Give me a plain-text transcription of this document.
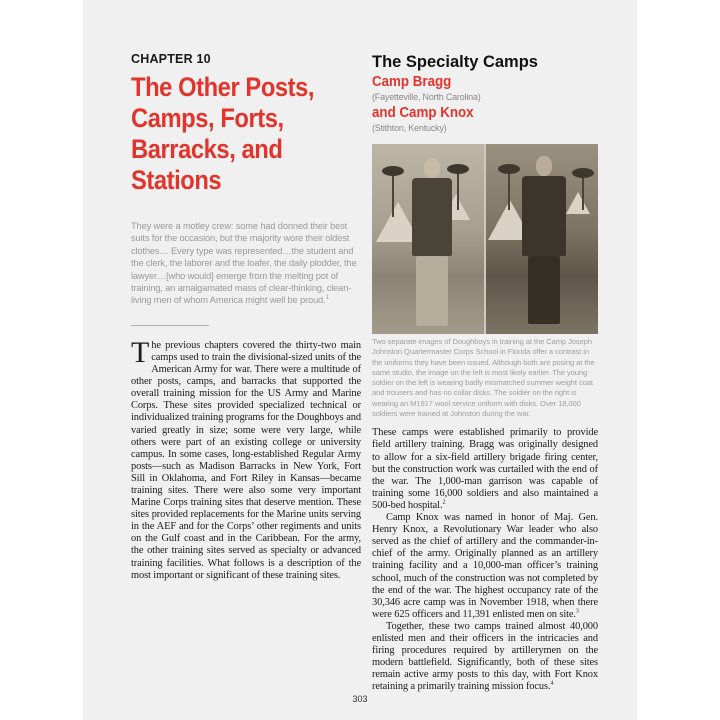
CHAPTER 10

The Other Posts, Camps, Forts, Barracks, and Stations

They were a motley crew: some had donned their best suits for the occasion, but the majority wore their oldest clothes… Every type was represented…the student and the clerk, the laborer and the loafer, the daily plodder, the lawyer…[who would] emerge from the melting pot of training, an amalgamated mass of clear-thinking, clean-living men of whom America might well be proud.$^1$

The previous chapters covered the thirty-two main camps used to train the divisional-sized units of the American Army for war. There were a multitude of other posts, camps, and barracks that supported the overall training mission for the US Army and Marine Corps. These sites provided specialized technical or individualized training programs for the Doughboys and varied greatly in size; some were very large, while others were part of an existing college or university campus. In some cases, long-established Regular Army posts—such as Madison Barracks in New York, Fort Sill in Oklahoma, and Fort Riley in Kansas—became training sites. There were also some very important Marine Corps training sites that deserve mention. These sites provided replacements for the Marine units serving in the AEF and for the Corps’ other regiments and units on the Gulf coast and in the Caribbean. For the army, the other training sites served as specialty or advanced training facilities. What follows is a description of the most important or significant of these training sites.

The Specialty Camps
Camp Bragg

(Fayetteville, North Carolina)

and Camp Knox

(Stithton, Kentucky)

Two separate images of Doughboys in training at the Camp Joseph Johnston Quartermaster Corps School in Florida offer a contrast in the uniforms they have been issued. Although both are posing at the same studio, the image on the left is most likely earlier. The young soldier on the left is wearing badly mismatched summer weight coat and trousers and has no collar disks. The soldier on the right is wearing an M1917 wool service uniform with disks. Over 18,000 soldiers were trained at Johnston during the war.

These camps were established primarily to provide field artillery training. Bragg was originally designed to allow for a six-field artillery brigade firing center, but the construction work was curtailed with the end of the war. The 1,000-man garrison was capable of training some 16,000 soldiers and also maintained a 500-bed hospital.$^2$

Camp Knox was named in honor of Maj. Gen. Henry Knox, a Revolutionary War leader who also served as the chief of artillery and the commander-in-chief of the army. Originally planned as an artillery training facility and a 10,000-man officer’s training school, much of the construction was not completed by the end of the war. The highest occupancy rate of the 30,346 acre camp was in November 1918, when there were 625 officers and 11,391 enlisted men on site.$^3$

Together, these two camps trained almost 40,000 enlisted men and their officers in the intricacies and firing procedures required by artillerymen on the modern battlefield. Significantly, both of these sites remain active army posts to this day, with Fort Knox retaining a primarily training mission focus.$^4$

303
